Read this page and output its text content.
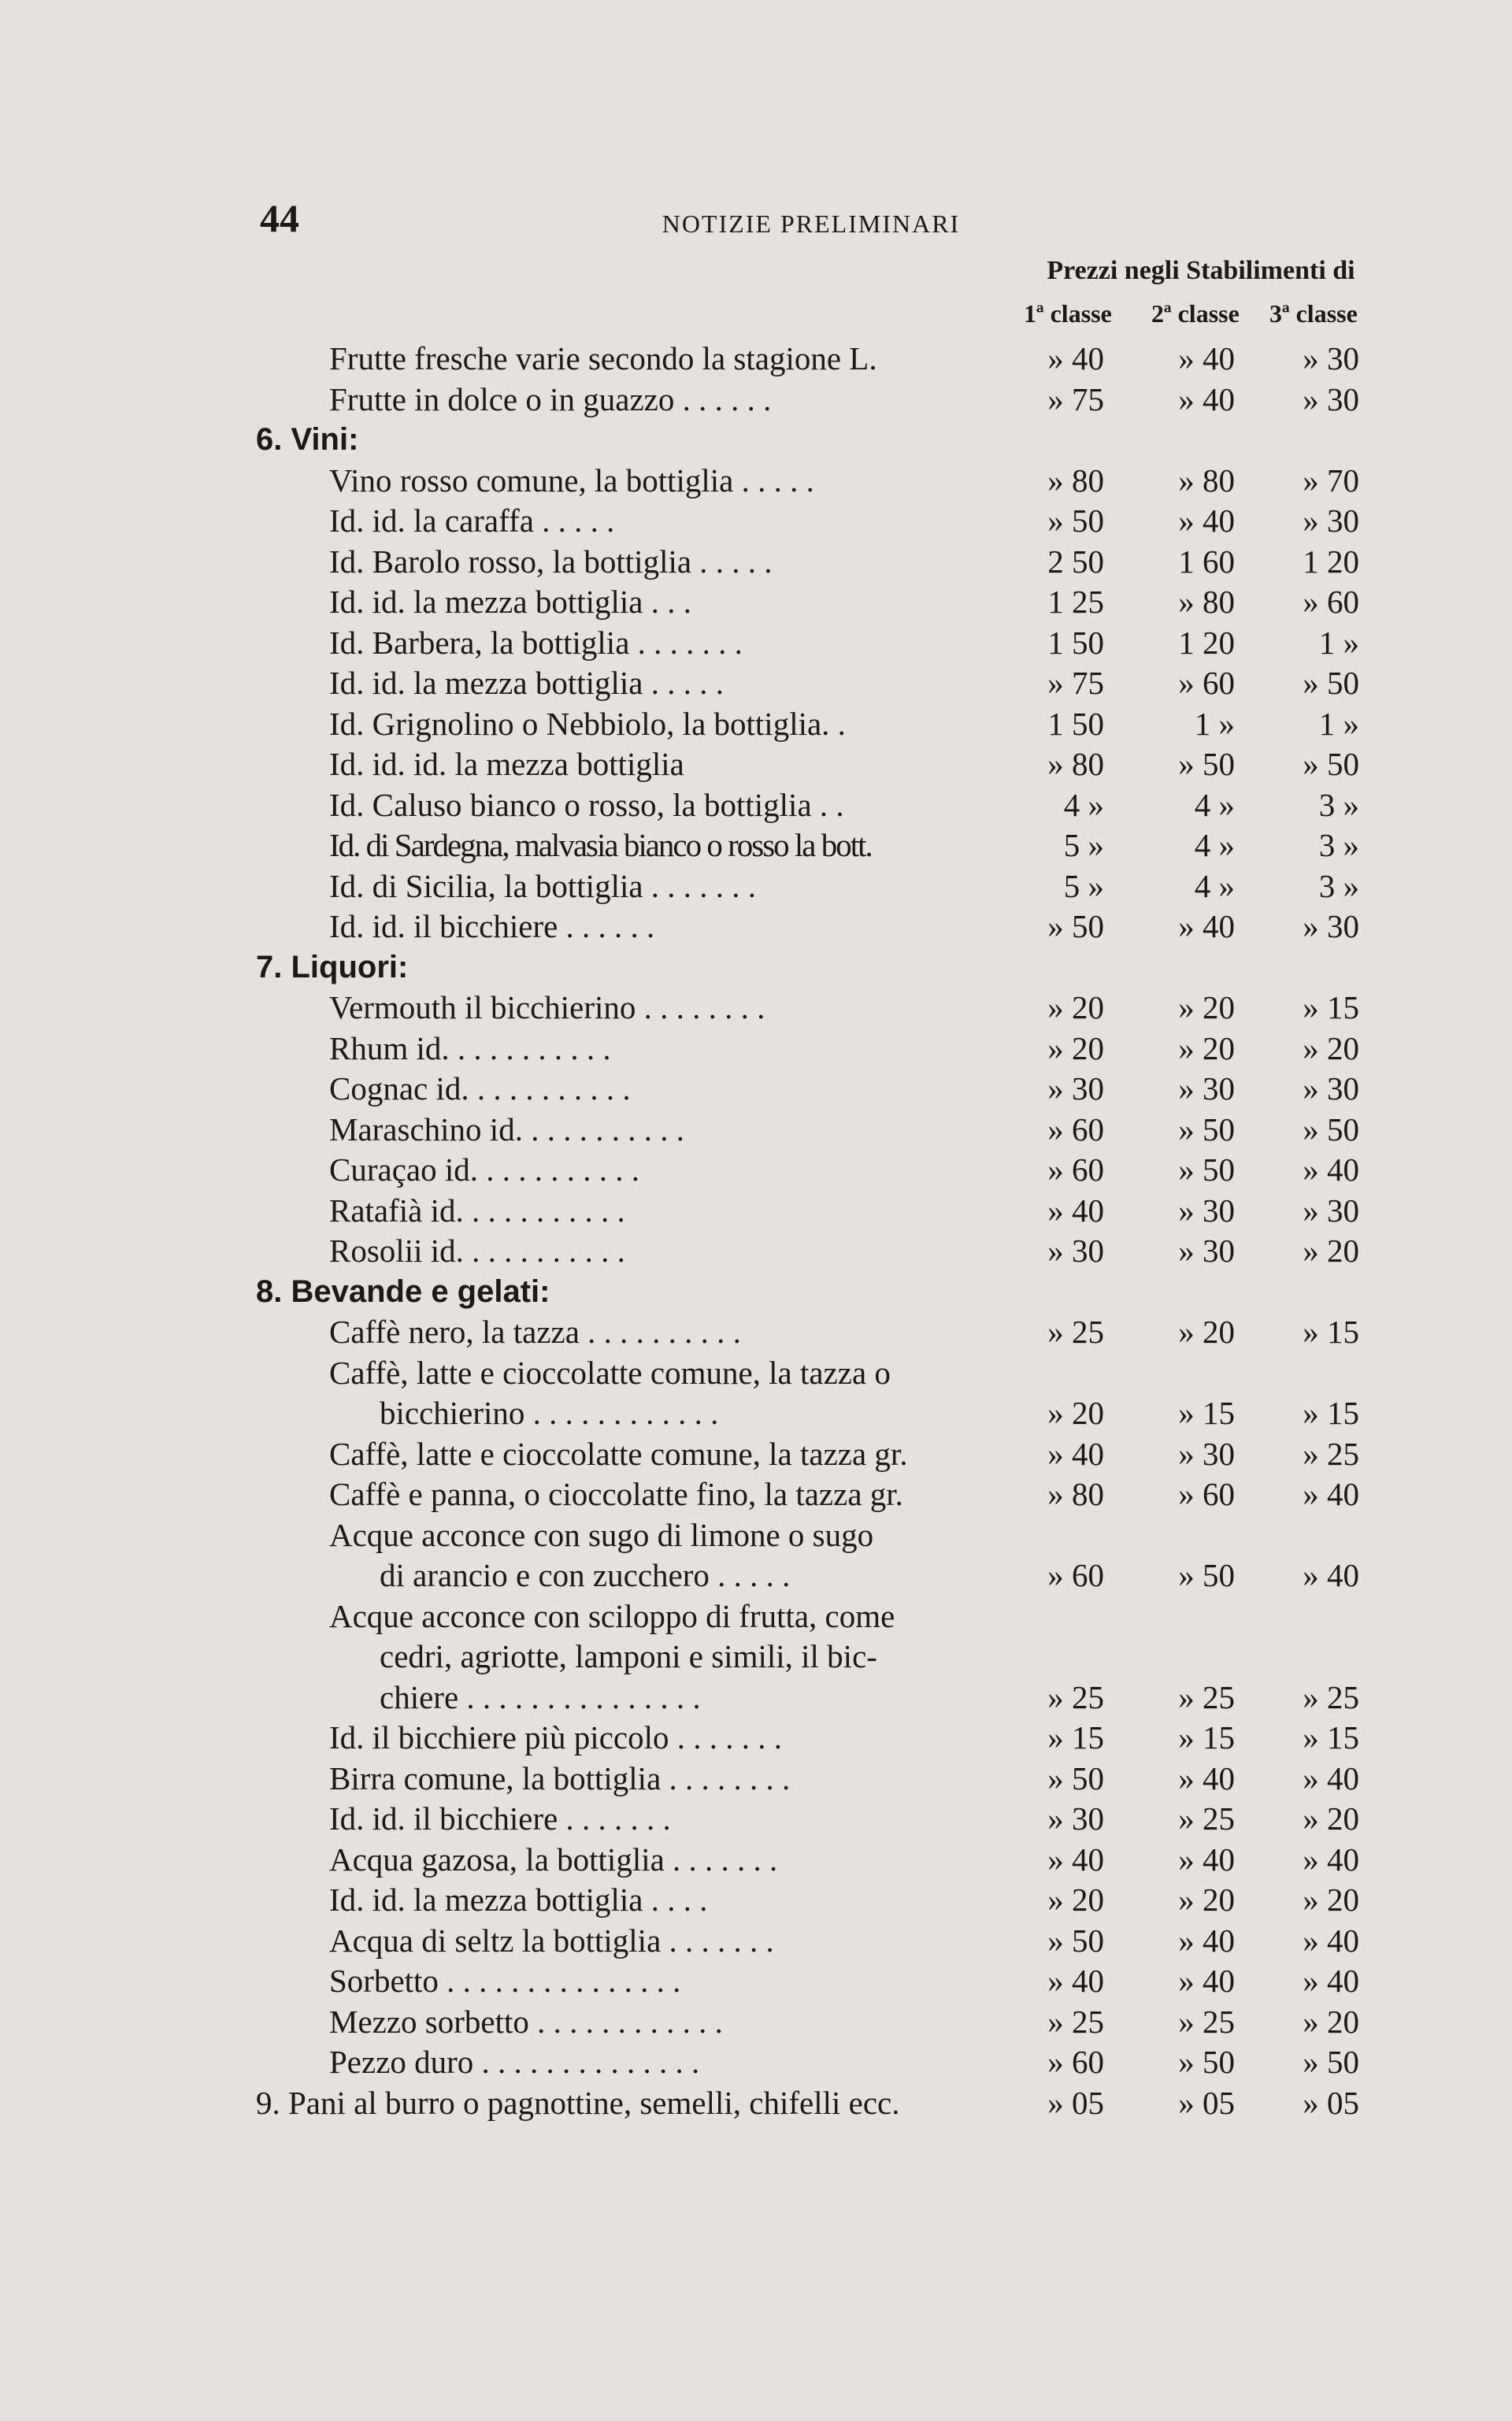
44	NOTIZIE PRELIMINARI
Prezzi negli Stabilimenti di
1ª classe 2ª classe 3ª classe
Frutte fresche varie secondo la stagione L.	» 40	» 40	» 30
Frutte in dolce o in guazzo . . . . . .	» 75	» 40	» 30
6. Vini:
Vino rosso comune, la bottiglia . . . . .	» 80	» 80	» 70
Id. id. la caraffa . . . . .	» 50	» 40	» 30
Id. Barolo rosso, la bottiglia . . . . .	2 50	1 60	1 20
Id. id. la mezza bottiglia . . .	1 25	» 80	» 60
Id. Barbera, la bottiglia . . . . . . .	1 50	1 20	1 »
Id. id. la mezza bottiglia . . . . .	» 75	» 60	» 50
Id. Grignolino o Nebbiolo, la bottiglia. .	1 50	1 »	1 »
Id. id. id. la mezza bottiglia	» 80	» 50	» 50
Id. Caluso bianco o rosso, la bottiglia . .	4 »	4 »	3 »
Id. di Sardegna, malvasia bianco o rosso la bott.	5 »	4 »	3 »
Id. di Sicilia, la bottiglia . . . . . . .	5 »	4 »	3 »
Id. id. il bicchiere . . . . . .	» 50	» 40	» 30
7. Liquori:
Vermouth il bicchierino . . . . . . . .	» 20	» 20	» 15
Rhum id. . . . . . . . . . .	» 20	» 20	» 20
Cognac id. . . . . . . . . . .	» 30	» 30	» 30
Maraschino id. . . . . . . . . . .	» 60	» 50	» 50
Curaçao id. . . . . . . . . . .	» 60	» 50	» 40
Ratafià id. . . . . . . . . . .	» 40	» 30	» 30
Rosolii id. . . . . . . . . . .	» 30	» 30	» 20
8. Bevande e gelati:
Caffè nero, la tazza . . . . . . . . . .	» 25	» 20	» 15
Caffè, latte e cioccolatte comune, la tazza o
bicchierino . . . . . . . . . . . .	» 20	» 15	» 15
Caffè, latte e cioccolatte comune, la tazza gr.	» 40	» 30	» 25
Caffè e panna, o cioccolatte fino, la tazza gr.	» 80	» 60	» 40
Acque acconce con sugo di limone o sugo
di arancio e con zucchero . . . . .	» 60	» 50	» 40
Acque acconce con sciloppo di frutta, come
cedri, agriotte, lamponi e simili, il bic-
chiere . . . . . . . . . . . . . . .	» 25	» 25	» 25
Id. il bicchiere più piccolo . . . . . . .	» 15	» 15	» 15
Birra comune, la bottiglia . . . . . . . .	» 50	» 40	» 40
Id. id. il bicchiere . . . . . . .	» 30	» 25	» 20
Acqua gazosa, la bottiglia . . . . . . .	» 40	» 40	» 40
Id. id. la mezza bottiglia . . . .	» 20	» 20	» 20
Acqua di seltz la bottiglia . . . . . . .	» 50	» 40	» 40
Sorbetto . . . . . . . . . . . . . . .	» 40	» 40	» 40
Mezzo sorbetto . . . . . . . . . . . .	» 25	» 25	» 20
Pezzo duro . . . . . . . . . . . . . .	» 60	» 50	» 50
9. Pani al burro o pagnottine, semelli, chifelli ecc.	» 05	» 05	» 05
